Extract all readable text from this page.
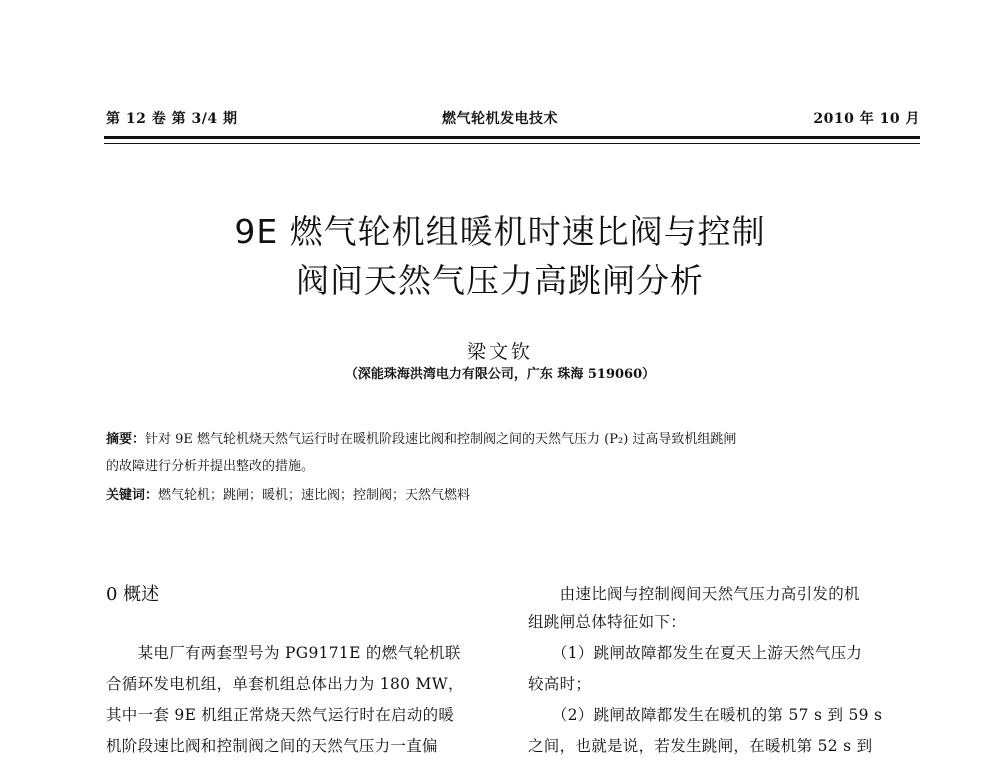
第 12 卷 第 3/4 期	燃气轮机发电技术	2010 年 10 月
9E 燃气轮机组暖机时速比阀与控制
阀间天然气压力高跳闸分析
梁文钦
（深能珠海洪湾电力有限公司，广东 珠海 519060）
摘要：针对 9E 燃气轮机烧天然气运行时在暖机阶段速比阀和控制阀之间的天然气压力 (P₂) 过高导致机组跳闸
的故障进行分析并提出整改的措施。
关键词：燃气轮机；跳闸；暖机；速比阀；控制阀；天然气燃料
0 概述
　　某电厂有两套型号为 PG9171E 的燃气轮机联
合循环发电机组，单套机组总体出力为 180 MW，
其中一套 9E 机组正常烧天然气运行时在启动的暖
机阶段速比阀和控制阀之间的天然气压力一直偏
　　由速比阀与控制阀间天然气压力高引发的机
组跳闸总体特征如下：
　　（1）跳闸故障都发生在夏天上游天然气压力
较高时；
　　（2）跳闸故障都发生在暖机的第 57 s 到 59 s
之间，也就是说，若发生跳闸，在暖机第 52 s 到
